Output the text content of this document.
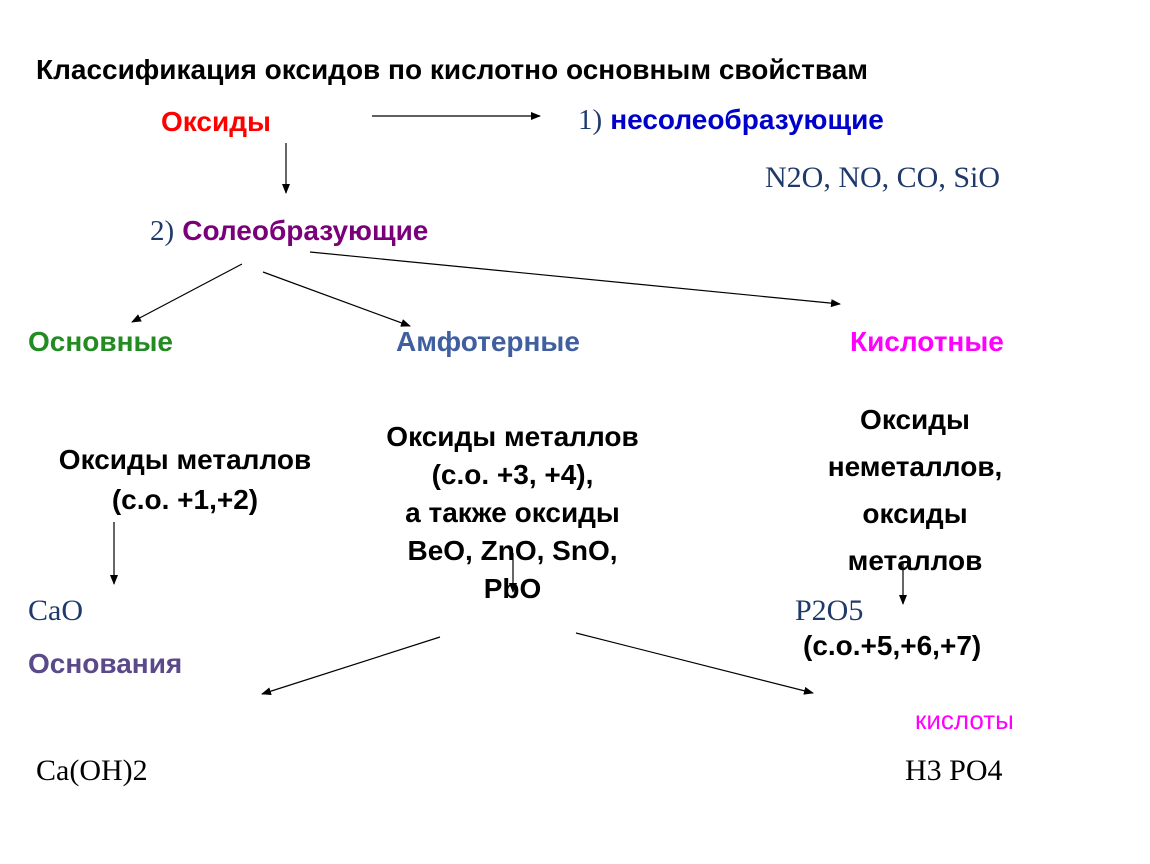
Классификация оксидов по кислотно основным свойствам
Оксиды	1) несолеобразующие
N2O, NO, CO, SiO
2) Солеобразующие
Основные	Амфотерные	Кислотные
Оксиды металлов
(с.о. +1,+2)
Оксиды металлов
(с.о. +3, +4),
а также оксиды
BeO, ZnO, SnO,
PbO
Оксиды
неметаллов,
оксиды
металлов
CaO
Основания
Ca(OH)2
P2O5
(с.о.+5,+6,+7)
кислоты
H3 PO4
